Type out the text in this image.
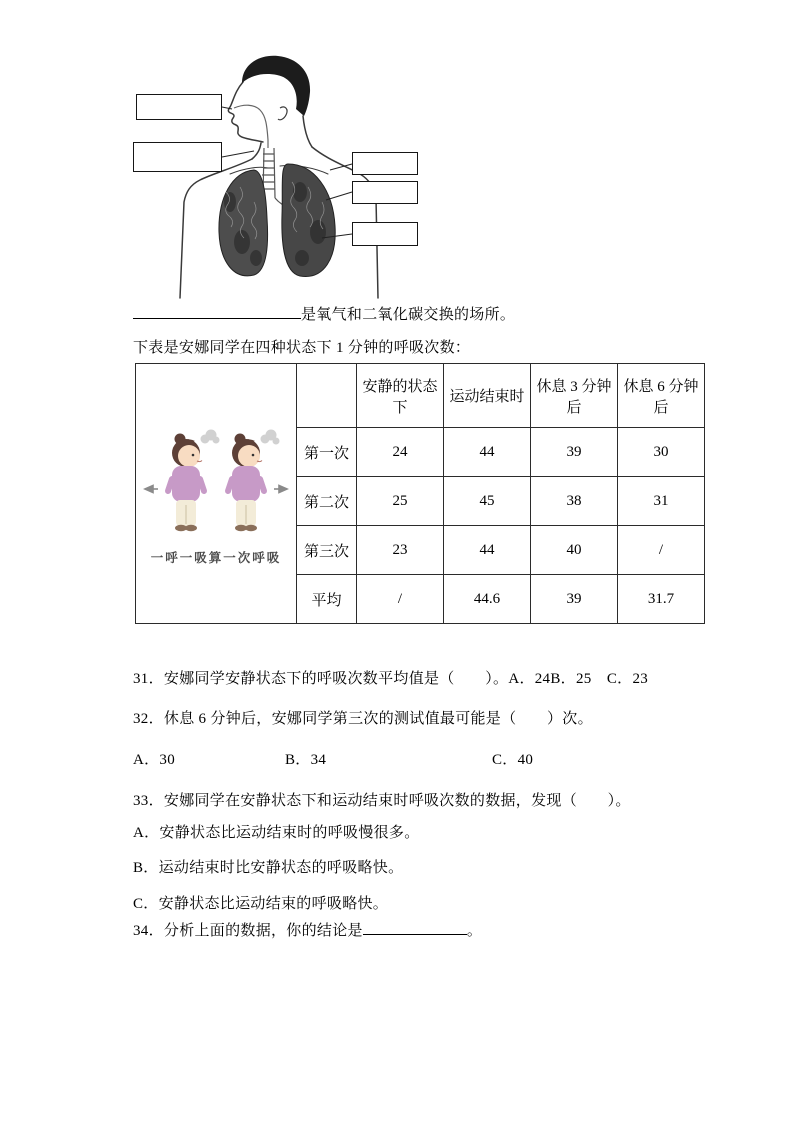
是氧气和二氧化碳交换的场所。
下表是安娜同学在四种状态下 1 分钟的呼吸次数：
一呼一吸算一次呼吸		安静的状态下	运动结束时	休息 3 分钟后	休息 6 分钟后
	第一次	24	44	39	30
	第二次	25	45	38	31
	第三次	23	44	40	/
	平均	/	44.6	39	31.7
31．安娜同学安静状态下的呼吸次数平均值是（　　）。A．24B．25　C．23
32．休息 6 分钟后，安娜同学第三次的测试值最可能是（　　）次。
A．30	B．34	C．40
33．安娜同学在安静状态下和运动结束时呼吸次数的数据，发现（　　）。
A．安静状态比运动结束时的呼吸慢很多。
B．运动结束时比安静状态的呼吸略快。
C．安静状态比运动结束的呼吸略快。
34．分析上面的数据，你的结论是	。
